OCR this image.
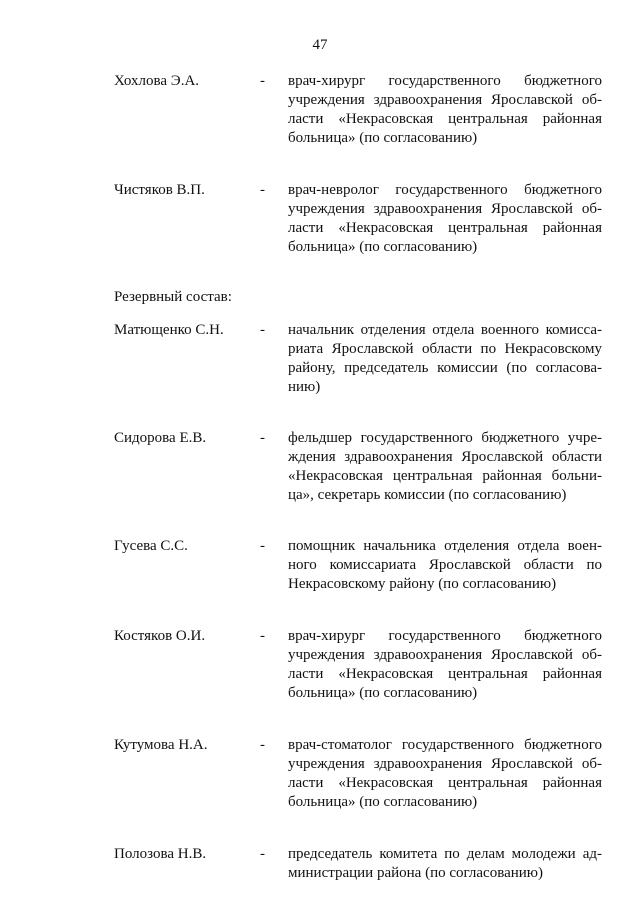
47
Хохлова Э.А.	-	врач-хирург государственного бюджетного учреждения здравоохранения Ярославской области «Некрасовская центральная районная больница» (по согласованию)
Чистяков В.П.	-	врач-невролог государственного бюджетного учреждения здравоохранения Ярославской области «Некрасовская центральная районная больница» (по согласованию)
Резервный состав:
Матющенко С.Н.	-	начальник отделения отдела военного комиссариата Ярославской области по Некрасовскому району, председатель комиссии (по согласованию)
Сидорова Е.В.	-	фельдшер государственного бюджетного учреждения здравоохранения Ярославской области «Некрасовская центральная районная больница», секретарь комиссии (по согласованию)
Гусева С.С.	-	помощник начальника отделения отдела военного комиссариата Ярославской области по Некрасовскому району (по согласованию)
Костяков О.И.	-	врач-хирург государственного бюджетного учреждения здравоохранения Ярославской области «Некрасовская центральная районная больница» (по согласованию)
Кутумова Н.А.	-	врач-стоматолог государственного бюджетного учреждения здравоохранения Ярославской области «Некрасовская центральная районная больница» (по согласованию)
Полозова Н.В.	-	председатель комитета по делам молодежи администрации района (по согласованию)
